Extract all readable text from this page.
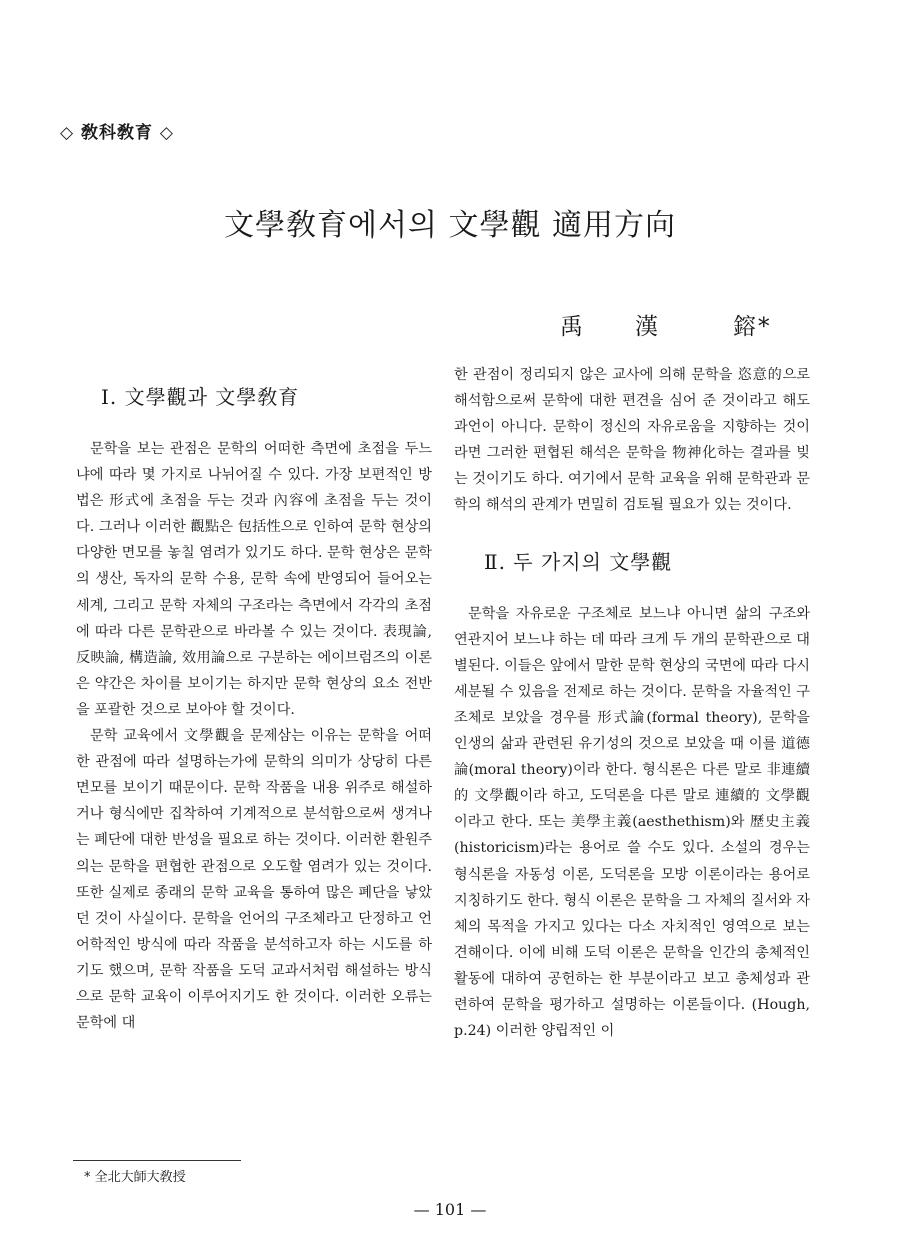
◇ 敎科敎育 ◇
文學敎育에서의 文學觀 適用方向
禹 漢	鎔*
Ⅰ. 文學觀과 文學敎育

문학을 보는 관점은 문학의 어떠한 측면에 초점을 두느냐에 따라 몇 가지로 나뉘어질 수 있다. 가장 보편적인 방법은 形式에 초점을 두는 것과 內容에 초점을 두는 것이다. 그러나 이러한 觀點은 包括性으로 인하여 문학 현상의 다양한 면모를 놓칠 염려가 있기도 하다. 문학 현상은 문학의 생산, 독자의 문학 수용, 문학 속에 반영되어 들어오는 세계, 그리고 문학 자체의 구조라는 측면에서 각각의 초점에 따라 다른 문학관으로 바라볼 수 있는 것이다. 表現論, 反映論, 構造論, 效用論으로 구분하는 에이브럼즈의 이론은 약간은 차이를 보이기는 하지만 문학 현상의 요소 전반을 포괄한 것으로 보아야 할 것이다.

문학 교육에서 文學觀을 문제삼는 이유는 문학을 어떠한 관점에 따라 설명하는가에 문학의 의미가 상당히 다른 면모를 보이기 때문이다. 문학 작품을 내용 위주로 해설하거나 형식에만 집착하여 기계적으로 분석함으로써 생겨나는 폐단에 대한 반성을 필요로 하는 것이다. 이러한 환원주의는 문학을 편협한 관점으로 오도할 염려가 있는 것이다. 또한 실제로 종래의 문학 교육을 통하여 많은 폐단을 낳았던 것이 사실이다. 문학을 언어의 구조체라고 단정하고 언어학적인 방식에 따라 작품을 분석하고자 하는 시도를 하기도 했으며, 문학 작품을 도덕 교과서처럼 해설하는 방식으로 문학 교육이 이루어지기도 한 것이다. 이러한 오류는 문학에 대

한 관점이 정리되지 않은 교사에 의해 문학을 恣意的으로 해석함으로써 문학에 대한 편견을 심어 준 것이라고 해도 과언이 아니다. 문학이 정신의 자유로움을 지향하는 것이라면 그러한 편협된 해석은 문학을 物神化하는 결과를 빚는 것이기도 하다. 여기에서 문학 교육을 위해 문학관과 문학의 해석의 관계가 면밀히 검토될 필요가 있는 것이다.

Ⅱ. 두 가지의 文學觀

문학을 자유로운 구조체로 보느냐 아니면 삶의 구조와 연관지어 보느냐 하는 데 따라 크게 두 개의 문학관으로 대별된다. 이들은 앞에서 말한 문학 현상의 국면에 따라 다시 세분될 수 있음을 전제로 하는 것이다. 문학을 자율적인 구조체로 보았을 경우를 形式論(formal theory), 문학을 인생의 삶과 관련된 유기성의 것으로 보았을 때 이를 道德論(moral theory)이라 한다. 형식론은 다른 말로 非連續的 文學觀이라 하고, 도덕론을 다른 말로 連續的 文學觀이라고 한다. 또는 美學主義(aesthethism)와 歷史主義(historicism)라는 용어로 쓸 수도 있다. 소설의 경우는 형식론을 자동성 이론, 도덕론을 모방 이론이라는 용어로 지칭하기도 한다. 형식 이론은 문학을 그 자체의 질서와 자체의 목적을 가지고 있다는 다소 자치적인 영역으로 보는 견해이다. 이에 비해 도덕 이론은 문학을 인간의 총체적인 활동에 대하여 공헌하는 한 부분이라고 보고 총체성과 관련하여 문학을 평가하고 설명하는 이론들이다. (Hough, p.24) 이러한 양립적인 이

* 全北大師大敎授
— 101 —
